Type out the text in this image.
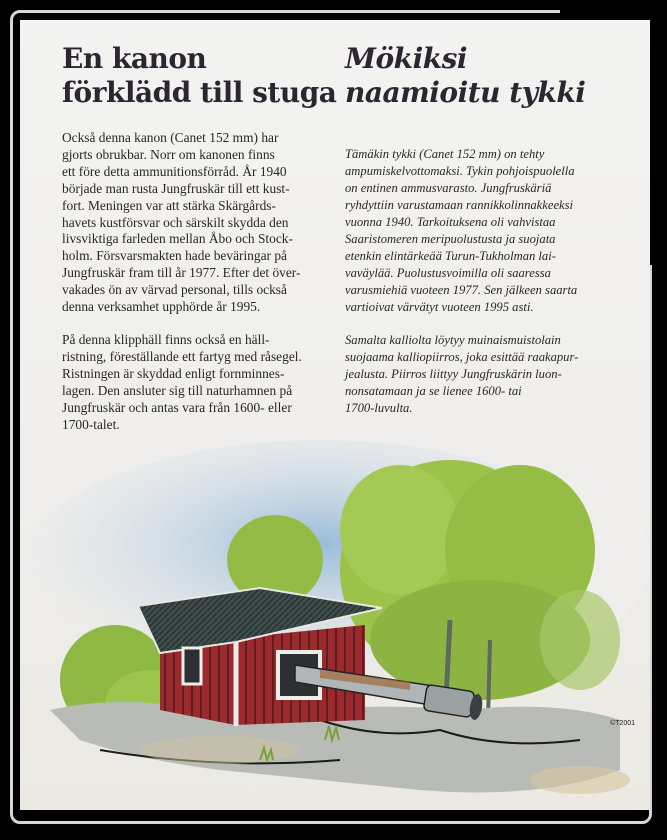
En kanon
förklädd till stuga

Också denna kanon (Canet 152 mm) har
gjorts obrukbar. Norr om kanonen finns
ett före detta ammunitionsförråd. År 1940
började man rusta Jungfruskär till ett kust-
fort. Meningen var att stärka Skärgårds-
havets kustförsvar och särskilt skydda den
livsviktiga farleden mellan Åbo och Stock-
holm. Försvarsmakten hade beväringar på
Jungfruskär fram till år 1977. Efter det över-
vakades ön av värvad personal, tills också
denna verksamhet upphörde år 1995.

På denna klipphäll finns också en häll-
ristning, föreställande ett fartyg med råsegel.
Ristningen är skyddad enligt fornminnes-
lagen. Den ansluter sig till naturhamnen på
Jungfruskär och antas vara från 1600- eller
1700-talet.

Mökiksi
naamioitu tykki

Tämäkin tykki (Canet 152 mm) on tehty
ampumiskelvottomaksi. Tykin pohjoispuolella
on entinen ammusvarasto. Jungfruskäriä
ryhdyttiin varustamaan rannikkolinnakkeeksi
vuonna 1940. Tarkoituksena oli vahvistaa
Saaristomeren meripuolustusta ja suojata
etenkin elintärkeää Turun-Tukholman lai-
vaväylää. Puolustusvoimilla oli saaressa
varusmiehiä vuoteen 1977. Sen jälkeen saarta
vartioivat värvätyt vuoteen 1995 asti.

Samalta kalliolta löytyy muinaismuistolain
suojaama kalliopiirros, joka esittää raakapur-
jealusta. Piirros liittyy Jungfruskärin luon-
nonsatamaan ja se lienee 1600- tai
1700-luvulta.

©T2001
